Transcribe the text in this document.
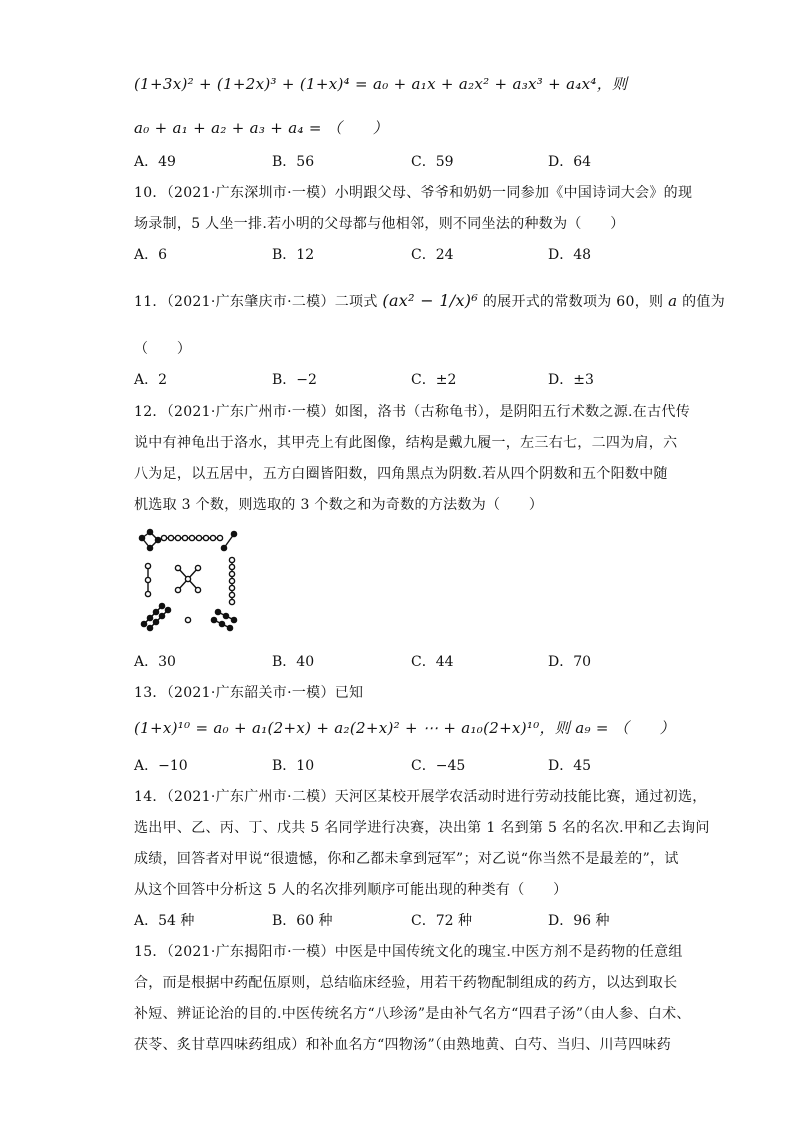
(1+3x)² + (1+2x)³ + (1+x)⁴ = a₀ + a₁x + a₂x² + a₃x³ + a₄x⁴，则
a₀ + a₁ + a₂ + a₃ + a₄ = （　　）
A．49	B．56	C．59	D．64
10．（2021·广东深圳市·一模）小明跟父母、爷爷和奶奶一同参加《中国诗词大会》的现
场录制，5 人坐一排.若小明的父母都与他相邻，则不同坐法的种数为（　　）
A．6	B．12	C．24	D．48
11．（2021·广东肇庆市·二模）二项式 (ax² − 1/x)⁶ 的展开式的常数项为 60，则 a 的值为
（　　）
A．2	B．−2	C．±2	D．±3
12．（2021·广东广州市·一模）如图，洛书（古称龟书），是阴阳五行术数之源.在古代传
说中有神龟出于洛水，其甲壳上有此图像，结构是戴九履一，左三右七，二四为肩，六
八为足，以五居中，五方白圈皆阳数，四角黑点为阴数.若从四个阴数和五个阳数中随
机选取 3 个数，则选取的 3 个数之和为奇数的方法数为（　　）
A．30	B．40	C．44	D．70
13．（2021·广东韶关市·一模）已知
(1+x)¹⁰ = a₀ + a₁(2+x) + a₂(2+x)² + ⋯ + a₁₀(2+x)¹⁰，则 a₉ = （　　）
A．−10	B．10	C．−45	D．45
14．（2021·广东广州市·二模）天河区某校开展学农活动时进行劳动技能比赛，通过初选，
选出甲、乙、丙、丁、戊共 5 名同学进行决赛，决出第 1 名到第 5 名的名次.甲和乙去询问
成绩，回答者对甲说“很遗憾，你和乙都未拿到冠军”；对乙说“你当然不是最差的”，试
从这个回答中分析这 5 人的名次排列顺序可能出现的种类有（　　）
A．54 种	B．60 种	C．72 种	D．96 种
15．（2021·广东揭阳市·一模）中医是中国传统文化的瑰宝.中医方剂不是药物的任意组
合，而是根据中药配伍原则，总结临床经验，用若干药物配制组成的药方，以达到取长
补短、辨证论治的目的.中医传统名方“八珍汤”是由补气名方“四君子汤”（由人参、白术、
茯苓、炙甘草四味药组成）和补血名方“四物汤”（由熟地黄、白芍、当归、川芎四味药
